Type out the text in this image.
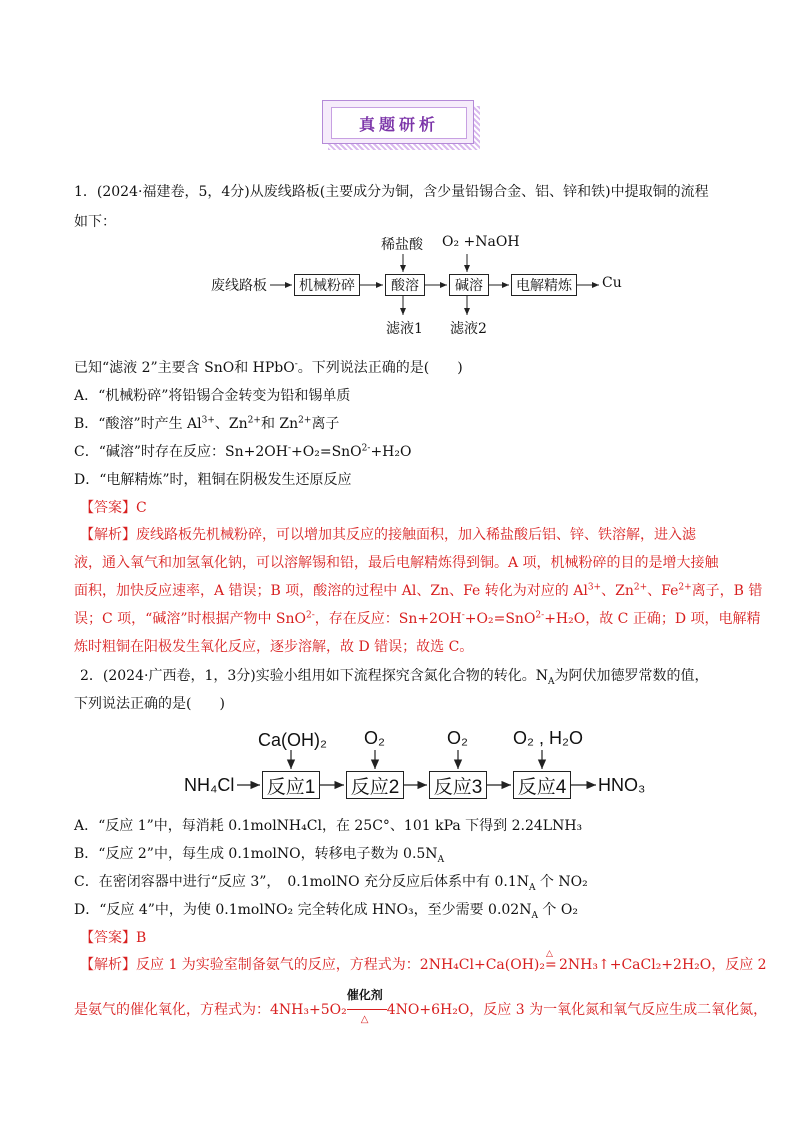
真题研析
1．(2024·福建卷，5，4分)从废线路板(主要成分为铜，含少量铅锡合金、铝、锌和铁)中提取铜的流程
如下：
废线路板	机械粉碎	酸溶	碱溶	电解精炼	Cu
稀盐酸 O₂ +NaOH
滤液1 滤液2
已知“滤液 2”主要含 SnO和 HPbO-。下列说法正确的是(　　)
A．“机械粉碎”将铅锡合金转变为铅和锡单质
B．“酸溶”时产生 $Al^{3+}$、$Zn^{2+}$和 $Zn^{2+}$离子
C．“碱溶”时存在反应：Sn+2OH-+O₂=SnO$^{2-}$+H₂O
D．“电解精炼”时，粗铜在阴极发生还原反应
【答案】C
【解析】废线路板先机械粉碎，可以增加其反应的接触面积，加入稀盐酸后铝、锌、铁溶解，进入滤
液，通入氧气和加氢氧化钠，可以溶解锡和铅，最后电解精炼得到铜。A 项，机械粉碎的目的是增大接触
面积，加快反应速率，A 错误；B 项，酸溶的过程中 Al、Zn、Fe 转化为对应的 $Al^{3+}$、$Zn^{2+}$、$Fe^{2+}$离子，B 错
误；C 项，“碱溶”时根据产物中 SnO$^{2-}$，存在反应：Sn+2OH-+O₂=SnO$^{2-}$+H₂O，故 C 正确；D 项，电解精
炼时粗铜在阳极发生氧化反应，逐步溶解，故 D 错误；故选 C。
2．(2024·广西卷，1，3分)实验小组用如下流程探究含氮化合物的转化。$N_A$为阿伏加德罗常数的值，
下列说法正确的是(　　)
NH₄Cl 反应1 反应2 反应3 反应4 HNO₃
Ca(OH)₂ O₂	O₂	O₂ , H₂O
A．“反应 1”中，每消耗 0.1molNH₄Cl，在 25C°、101 kPa 下得到 2.24LNH₃
B．“反应 2”中，每生成 0.1molNO，转移电子数为 $0.5N_A$
C．在密闭容器中进行“反应 3”，　0.1molNO 充分反应后体系中有 $0.1N_A$ 个 NO₂
D．“反应 4”中，为使 0.1molNO₂ 完全转化成 HNO₃，至少需要 $0.02N_A$ 个 O₂
【答案】B
【解析】反应 1 为实验室制备氨气的反应，方程式为：2NH₄Cl+Ca(OH)₂
△
= 2NH₃↑+CaCl₂+2H₂O，反应 2
是氨气的催化氧化，方程式为：4NH₃+5O₂
催化剂
△
4NO+6H₂O，反应 3 为一氧化氮和氧气反应生成二氧化氮，
